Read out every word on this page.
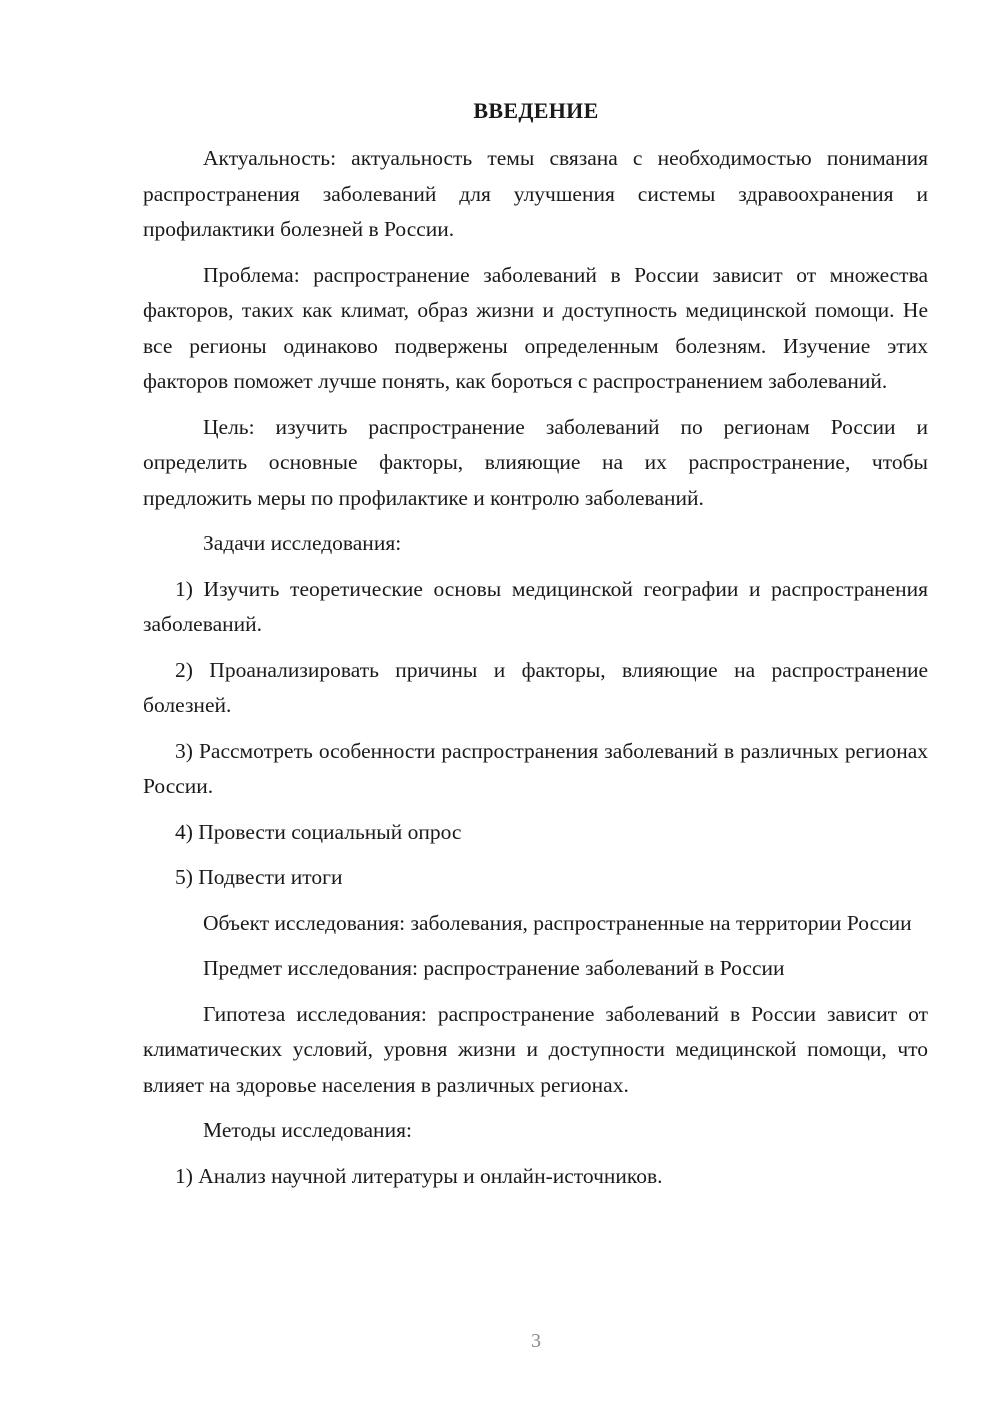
ВВЕДЕНИЕ

Актуальность: актуальность темы связана с необходимостью понимания распространения заболеваний для улучшения системы здравоохранения и профилактики болезней в России.

Проблема: распространение заболеваний в России зависит от множества факторов, таких как климат, образ жизни и доступность медицинской помощи. Не все регионы одинаково подвержены определенным болезням. Изучение этих факторов поможет лучше понять, как бороться с распространением заболеваний.

Цель: изучить распространение заболеваний по регионам России и определить основные факторы, влияющие на их распространение, чтобы предложить меры по профилактике и контролю заболеваний.

Задачи исследования:

1) Изучить теоретические основы медицинской географии и распространения заболеваний.

2) Проанализировать причины и факторы, влияющие на распространение болезней.

3) Рассмотреть особенности распространения заболеваний в различных регионах России.

4) Провести социальный опрос

5) Подвести итоги

Объект исследования: заболевания, распространенные на территории России

Предмет исследования: распространение заболеваний в России

Гипотеза исследования: распространение заболеваний в России зависит от климатических условий, уровня жизни и доступности медицинской помощи, что влияет на здоровье населения в различных регионах.

Методы исследования:

1) Анализ научной литературы и онлайн-источников.

3
